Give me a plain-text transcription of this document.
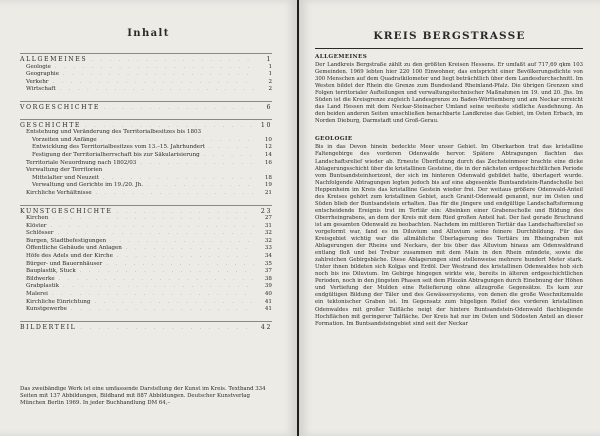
Inhalt
ALLGEMEINES . . .	1
Geologie . . .	1
Geographie . . .	1
Verkehr . . .	2
Wirtschaft . . .	2
VORGESCHICHTE . . .	6
GESCHICHTE . . .	10
Entstehung und Veränderung des Territorialbesitzes bis 1803
Vorzeiten und Anfänge . . .	10
Entwicklung des Territorialbesitzes vom 13.–15. Jahrhundert . . .	12
Festigung der Territorialherrschaft bis zur Säkularisierung . . .	14
Territoriale Neuordnung nach 1802/03 . . .	16
Verwaltung der Territorien
Mittelalter und Neuzeit . . .	18
Verwaltung und Gerichte im 19./20. Jh. . . .	19
Kirchliche Verhältnisse . . .	21
KUNSTGESCHICHTE . . .	23
Kirchen . . .	27
Klöster . . .	31
Schlösser . . .	32
Burgen, Stadtbefestigungen . . .	32
Öffentliche Gebäude und Anlagen . . .	33
Höfe des Adels und der Kirche . . .	34
Bürger- und Bauernhäuser . . .	35
Bauplastik, Stuck . . .	37
Bildwerke . . .	38
Grabplastik . . .	39
Malerei . . .	40
Kirchliche Einrichtung . . .	41
Kunstgewerbe . . .	41
BILDERTEIL . . .	42
Das zweibändige Werk ist eine umfassende Darstellung der Kunst im Kreis. Textband 334 Seiten mit 137 Abbildungen, Bildband mit 887 Abbildungen. Deutscher Kunstverlag München Berlin 1969. In jeder Buchhandlung DM 64,–
KREIS BERGSTRASSE
ALLGEMEINES

Der Landkreis Bergstraße zählt zu den größten Kreisen Hessens. Er umfaßt auf 717,69 qkm 103 Gemeinden. 1969 lebten hier 220 100 Einwohner, das entspricht einer Bevölkerungsdichte von 300 Menschen auf dem Quadratkilometer und liegt beträchtlich über dem Landesdurchschnitt. Im Westen bildet der Rhein die Grenze zum Bundesland Rheinland-Pfalz. Die übrigen Grenzen sind Folgen territorialer Aufteilungen und verwaltungstechnischer Maßnahmen im 19. und 20. Jhs. Im Süden ist die Kreisgrenze zugleich Landesgrenze zu Baden-Württemberg und am Neckar erreicht das Land Hessen mit dem Neckar-Steinacher Umland seine weiteste südliche Ausdehnung. An den beiden anderen Seiten umschließen benachbarte Landkreise das Gebiet, im Osten Erbach, im Norden Dieburg, Darmstadt und Groß-Gerau.

GEOLOGIE

Bis in das Devon hinein bedeckte Meer unser Gebiet. Im Oberkarbon trat das kristalline Faltengebirge des vorderen Odenwalde hervor. Spätere Abtragungen flachten das Landschaftsrelief wieder ab. Erneute Überflutung durch das Zechsteinmeer brachte eine dicke Ablagerungsschicht über die kristallinen Gesteine, die in der nächsten erdgeschichtlichen Periode vom Buntsandsteinhorizont, der sich im hinteren Odenwald gebildet hatte, überlagert wurde. Nachfolgende Abtragungen legten jedoch bis auf eine abgesenkte Buntsandstein-Randscholle bei Heppenheim im Kreis das kristalline Gestein wieder frei. Der weitaus größere Odenwald-Anteil des Kreises gehört zum kristallinen Gebiet, auch Granit-Odenwald genannt, nur im Osten und Süden blieb der Buntsandstein erhalten. Das für die jüngere und endgültige Landschaftsformung entscheidende Ereignis trat im Tertiär ein: Absinken einer Grabenscholle und Bildung des Oberrheingrabens, an dem der Kreis mit dem Ried großen Anteil hat. Der fast gerade Bruchrand ist am gesamten Odenwald zu beobachten. Nachdem im mittleren Tertiär das Landschaftsrelief so vorgeformt war, fand es im Diluvium und Alluvium seine feinere Durchbildung. Für das Kreisgebiet wichtig war die allmähliche Überlagerung des Tertiärs im Rheingraben mit Ablagerungen der Rheins und Neckars, der bis über das Alluvium hinaus am Odenwaldrand entlang floß und bei Trebur zusammen mit dem Main in den Rhein mündete, sowie die zahlreichen Gebirgsbäche. Diese Ablagerungen sind stellenweise mehrere hundert Meter stark. Unter ihnen bildeten sich Kolgas und Erdöl. Der Westrand des kristallinen Odenwaldes hob sich noch bis ins Diluvium. Im Gebirge hingegen wirkte wie, bereits in älteren erdgeschichtlichen Perioden, noch in den jüngsten Phasen seit dem Pliozän Abtragungen durch Einebnung der Höhen und Vertiefung der Mulden eine Reliefierung ohne allzugroße Gegensätze. Es kam zur endgültigen Bildung der Täler und des Gewässersystems, von denen die große Weschnitzmulde ein tektonischer Graben ist. Im Gegensatz zum hügeligen Relief des vorderen kristallinen Odenwaldes mit großer Talfläche neigt der hintere Buntsandstein-Odenwald flachliegende Hochflächen mit geringerer Talfläche. Der Kreis hat nur im Osten und Südosten Anteil an dieser Formation. Im Buntsandsteingebiet sind seit der Neckar
